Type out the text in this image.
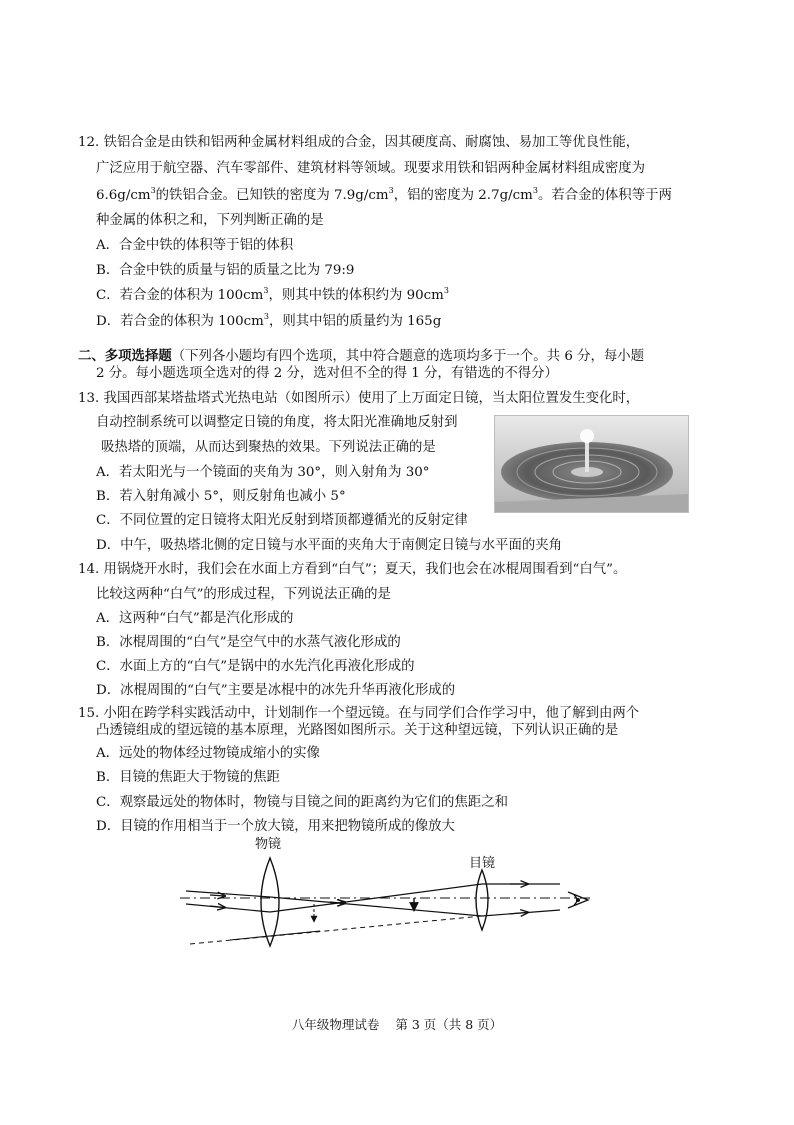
12. 铁铝合金是由铁和铝两种金属材料组成的合金，因其硬度高、耐腐蚀、易加工等优良性能，
广泛应用于航空器、汽车零部件、建筑材料等领域。现要求用铁和铝两种金属材料组成密度为
$6.6g/cm^3$的铁铝合金。已知铁的密度为 $7.9g/cm^3$，铝的密度为 $2.7g/cm^3$。若合金的体积等于两
种金属的体积之和，下列判断正确的是
A．合金中铁的体积等于铝的体积
B．合金中铁的质量与铝的质量之比为 79:9
C．若合金的体积为 $100cm^3$，则其中铁的体积约为 $90cm^3$
D．若合金的体积为 $100cm^3$，则其中铝的质量约为 165g
二、多项选择题（下列各小题均有四个选项，其中符合题意的选项均多于一个。共 6 分，每小题
2 分。每小题选项全选对的得 2 分，选对但不全的得 1 分，有错选的不得分）
13. 我国西部某塔盐塔式光热电站（如图所示）使用了上万面定日镜，当太阳位置发生变化时，
自动控制系统可以调整定日镜的角度，将太阳光准确地反射到
吸热塔的顶端，从而达到聚热的效果。下列说法正确的是
A．若太阳光与一个镜面的夹角为 30°，则入射角为 30°
B．若入射角减小 5°，则反射角也减小 5°
C．不同位置的定日镜将太阳光反射到塔顶都遵循光的反射定律
D．中午，吸热塔北侧的定日镜与水平面的夹角大于南侧定日镜与水平面的夹角
14. 用锅烧开水时，我们会在水面上方看到“白气”；夏天，我们也会在冰棍周围看到“白气”。
比较这两种“白气”的形成过程，下列说法正确的是
A．这两种“白气”都是汽化形成的
B．冰棍周围的“白气”是空气中的水蒸气液化形成的
C．水面上方的“白气”是锅中的水先汽化再液化形成的
D．冰棍周围的“白气”主要是冰棍中的冰先升华再液化形成的
15. 小阳在跨学科实践活动中，计划制作一个望远镜。在与同学们合作学习中，他了解到由两个
凸透镜组成的望远镜的基本原理，光路图如图所示。关于这种望远镜，下列认识正确的是
A．远处的物体经过物镜成缩小的实像
B．目镜的焦距大于物镜的焦距
C．观察最远处的物体时，物镜与目镜之间的距离约为它们的焦距之和
D．目镜的作用相当于一个放大镜，用来把物镜所成的像放大
物镜
目镜
八年级物理试卷 第 3 页（共 8 页）
